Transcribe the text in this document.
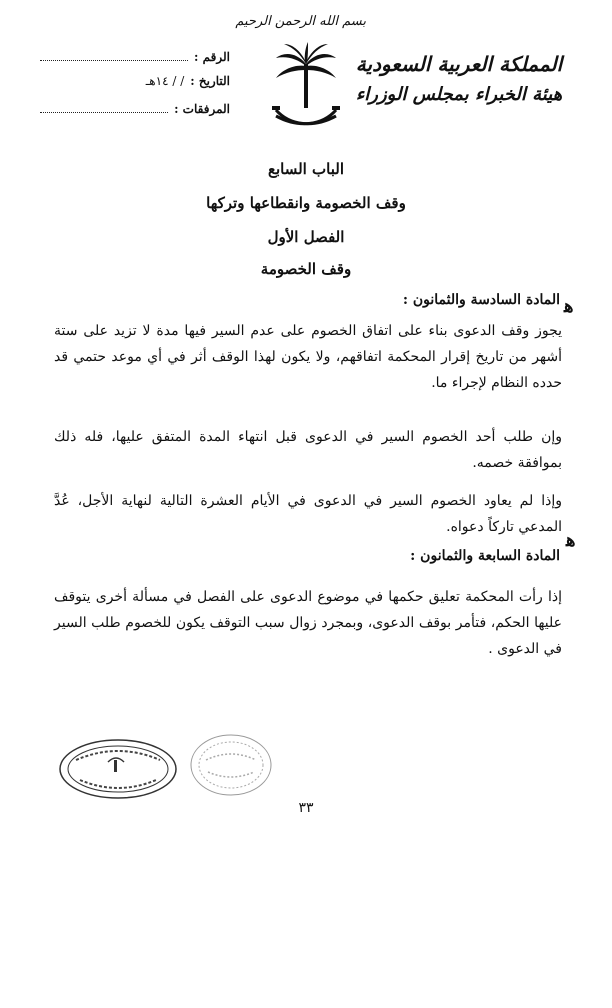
بسم الله الرحمن الرحيم
المملكة العربية السعودية
هيئة الخبراء بمجلس الوزراء
الرقم :
التاريخ :
/ / ١٤هـ
المرفقات :
الباب السابع
وقف الخصومة وانقطاعها وتركها
الفصل الأول
وقف الخصومة
ﻫ
المادة السادسة والثمانون :
يجوز وقف الدعوى بناء على اتفاق الخصوم على عدم السير فيها مدة لا تزيد على ستة أشهر من تاريخ إقرار المحكمة اتفاقهم، ولا يكون لهذا الوقف أثر في أي موعد حتمي قد حدده النظام لإجراء ما.
وإن طلب أحد الخصوم السير في الدعوى قبل انتهاء المدة المتفق عليها، فله ذلك بموافقة خصمه.
وإذا لم يعاود الخصوم السير في الدعوى في الأيام العشرة التالية لنهاية الأجل، عُدَّ المدعي تاركاً دعواه.
ﻫ
المادة السابعة والثمانون :
إذا رأت المحكمة تعليق حكمها في موضوع الدعوى على الفصل في مسألة أخرى يتوقف عليها الحكم، فتأمر بوقف الدعوى، وبمجرد زوال سبب التوقف يكون للخصوم طلب السير في الدعوى .
٣٣
